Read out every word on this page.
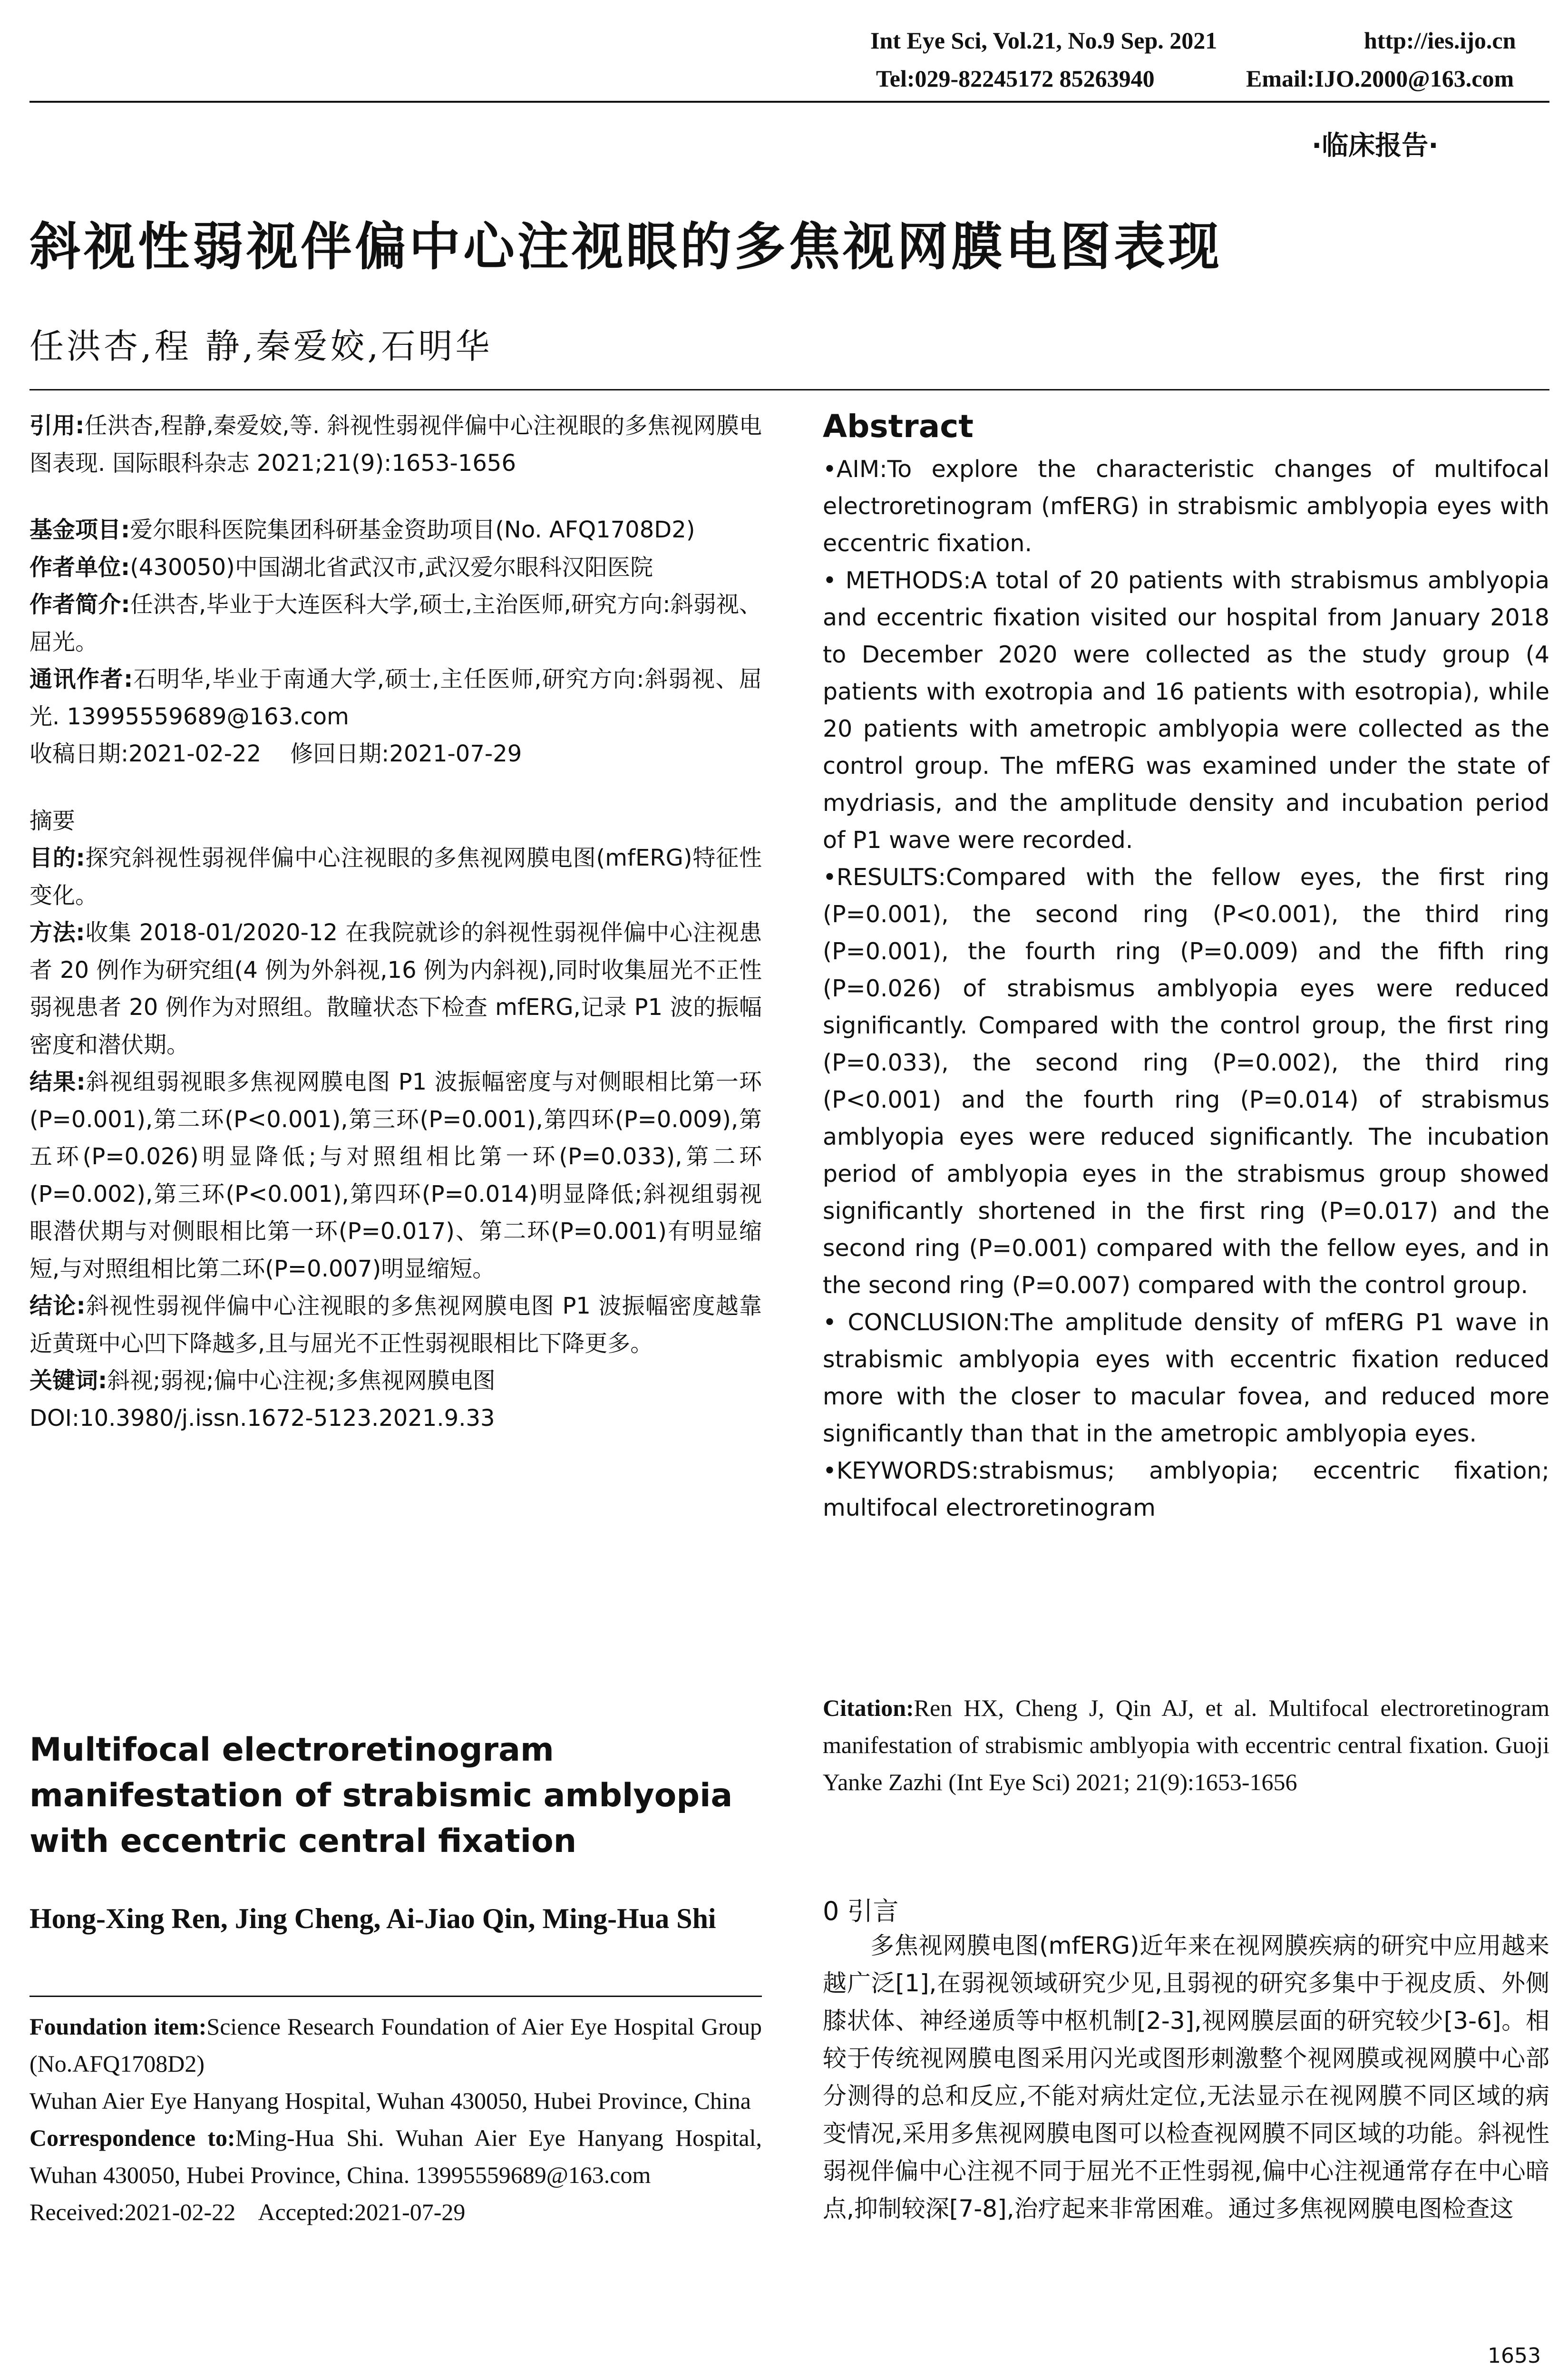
Int Eye Sci, Vol.21, No.9 Sep. 2021	http://ies.ijo.cn
Tel:029-82245172 85263940	Email:IJO.2000@163.com
·临床报告·
斜视性弱视伴偏中心注视眼的多焦视网膜电图表现
任洪杏,程 静,秦爱姣,石明华

引用:任洪杏,程静,秦爱姣,等. 斜视性弱视伴偏中心注视眼的多焦视网膜电图表现. 国际眼科杂志 2021;21(9):1653-1656

基金项目:爱尔眼科医院集团科研基金资助项目(No. AFQ1708D2)

作者单位:(430050)中国湖北省武汉市,武汉爱尔眼科汉阳医院

作者简介:任洪杏,毕业于大连医科大学,硕士,主治医师,研究方向:斜弱视、屈光。

通讯作者:石明华,毕业于南通大学,硕士,主任医师,研究方向:斜弱视、屈光. 13995559689@163.com

收稿日期:2021-02-22    修回日期:2021-07-29

摘要

目的:探究斜视性弱视伴偏中心注视眼的多焦视网膜电图(mfERG)特征性变化。

方法:收集 2018-01/2020-12 在我院就诊的斜视性弱视伴偏中心注视患者 20 例作为研究组(4 例为外斜视,16 例为内斜视),同时收集屈光不正性弱视患者 20 例作为对照组。散瞳状态下检查 mfERG,记录 P1 波的振幅密度和潜伏期。

结果:斜视组弱视眼多焦视网膜电图 P1 波振幅密度与对侧眼相比第一环(P=0.001),第二环(P<0.001),第三环(P=0.001),第四环(P=0.009),第五环(P=0.026)明显降低;与对照组相比第一环(P=0.033),第二环(P=0.002),第三环(P<0.001),第四环(P=0.014)明显降低;斜视组弱视眼潜伏期与对侧眼相比第一环(P=0.017)、第二环(P=0.001)有明显缩短,与对照组相比第二环(P=0.007)明显缩短。

结论:斜视性弱视伴偏中心注视眼的多焦视网膜电图 P1 波振幅密度越靠近黄斑中心凹下降越多,且与屈光不正性弱视眼相比下降更多。

关键词:斜视;弱视;偏中心注视;多焦视网膜电图

DOI:10.3980/j.issn.1672-5123.2021.9.33

Multifocal electroretinogram manifestation of strabismic amblyopia with eccentric central fixation
Hong-Xing Ren, Jing Cheng, Ai-Jiao Qin, Ming-Hua Shi

Foundation item:Science Research Foundation of Aier Eye Hospital Group (No.AFQ1708D2)

Wuhan Aier Eye Hanyang Hospital, Wuhan 430050, Hubei Province, China

Correspondence to:Ming-Hua Shi. Wuhan Aier Eye Hanyang Hospital, Wuhan 430050, Hubei Province, China. 13995559689@163.com

Received:2021-02-22    Accepted:2021-07-29

Abstract

•AIM:To explore the characteristic changes of multifocal electroretinogram (mfERG) in strabismic amblyopia eyes with eccentric fixation.

• METHODS:A total of 20 patients with strabismus amblyopia and eccentric fixation visited our hospital from January 2018 to December 2020 were collected as the study group (4 patients with exotropia and 16 patients with esotropia), while 20 patients with ametropic amblyopia were collected as the control group. The mfERG was examined under the state of mydriasis, and the amplitude density and incubation period of P1 wave were recorded.

•RESULTS:Compared with the fellow eyes, the first ring (P=0.001), the second ring (P<0.001), the third ring (P=0.001), the fourth ring (P=0.009) and the fifth ring (P=0.026) of strabismus amblyopia eyes were reduced significantly. Compared with the control group, the first ring (P=0.033), the second ring (P=0.002), the third ring (P<0.001) and the fourth ring (P=0.014) of strabismus amblyopia eyes were reduced significantly. The incubation period of amblyopia eyes in the strabismus group showed significantly shortened in the first ring (P=0.017) and the second ring (P=0.001) compared with the fellow eyes, and in the second ring (P=0.007) compared with the control group.

• CONCLUSION:The amplitude density of mfERG P1 wave in strabismic amblyopia eyes with eccentric fixation reduced more with the closer to macular fovea, and reduced more significantly than that in the ametropic amblyopia eyes.

•KEYWORDS:strabismus; amblyopia; eccentric fixation; multifocal electroretinogram

Citation:Ren HX, Cheng J, Qin AJ, et al. Multifocal electroretinogram manifestation of strabismic amblyopia with eccentric central fixation. Guoji Yanke Zazhi (Int Eye Sci) 2021; 21(9):1653-1656

0 引言

多焦视网膜电图(mfERG)近年来在视网膜疾病的研究中应用越来越广泛[1],在弱视领域研究少见,且弱视的研究多集中于视皮质、外侧膝状体、神经递质等中枢机制[2-3],视网膜层面的研究较少[3-6]。相较于传统视网膜电图采用闪光或图形刺激整个视网膜或视网膜中心部分测得的总和反应,不能对病灶定位,无法显示在视网膜不同区域的病变情况,采用多焦视网膜电图可以检查视网膜不同区域的功能。斜视性弱视伴偏中心注视不同于屈光不正性弱视,偏中心注视通常存在中心暗点,抑制较深[7-8],治疗起来非常困难。通过多焦视网膜电图检查这

1653
